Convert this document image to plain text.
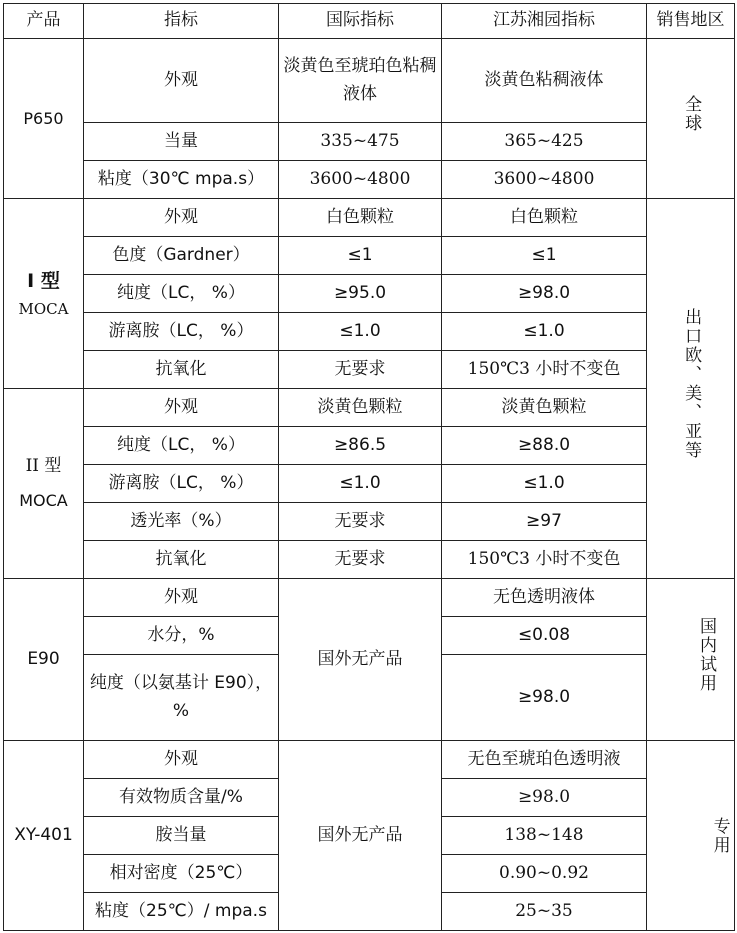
产品	指标	国际指标	江苏湘园指标	销售地区

P650	外观	淡黄色至琥珀色粘稠液体	淡黄色粘稠液体	全球
	当量	335~475	365~425	
	粘度（30℃ mpa.s）	3600~4800	3600~4800	

I 型
MOCA	外观	白色颗粒	白色颗粒	出口欧、美、亚等
	色度（Gardner）	≤1	≤1	
	纯度（LC， %）	≥95.0	≥98.0	
	游离胺（LC， %）	≤1.0	≤1.0	
	抗氧化	无要求	150℃3 小时不变色	

II 型
MOCA	外观	淡黄色颗粒	淡黄色颗粒	
	纯度（LC， %）	≥86.5	≥88.0	
	游离胺（LC， %）	≤1.0	≤1.0	
	透光率（%）	无要求	≥97	
	抗氧化	无要求	150℃3 小时不变色	
E90	外观	国外无产品	无色透明液体	国内试用

	水分，%		≤0.08	
	纯度（以氨基计 E90），%		≥98.0	
XY-401	外观	国外无产品	无色至琥珀色透明液	专用

	有效物质含量/%		≥98.0	
	胺当量		138~148	
	相对密度（25℃）		0.90~0.92	
	粘度（25℃）/ mpa.s		25~35	
